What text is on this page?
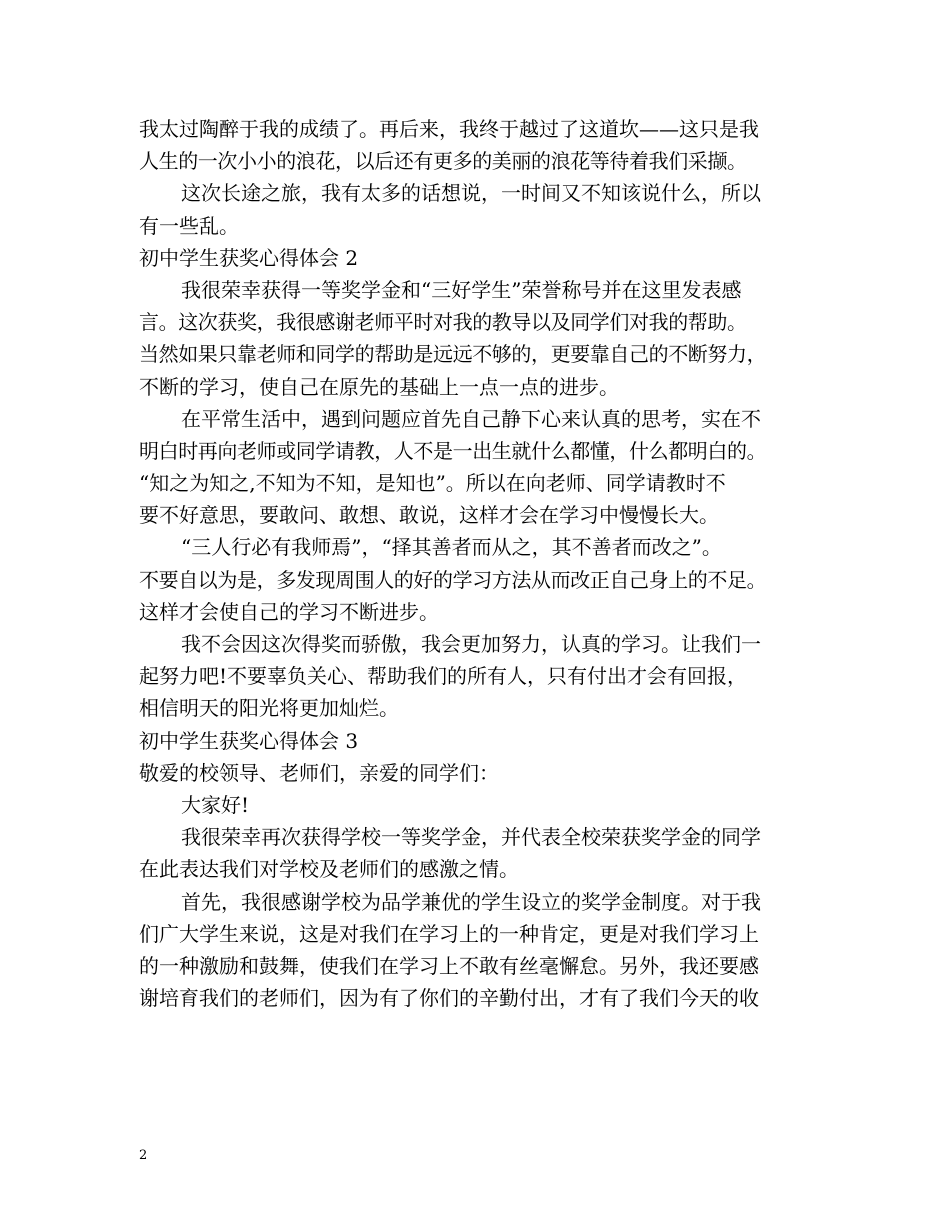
我太过陶醉于我的成绩了。再后来，我终于越过了这道坎——这只是我
人生的一次小小的浪花，以后还有更多的美丽的浪花等待着我们采撷。
这次长途之旅，我有太多的话想说，一时间又不知该说什么，所以
有一些乱。
初中学生获奖心得体会 2
我很荣幸获得一等奖学金和“三好学生”荣誉称号并在这里发表感
言。这次获奖，我很感谢老师平时对我的教导以及同学们对我的帮助。
当然如果只靠老师和同学的帮助是远远不够的，更要靠自己的不断努力，
不断的学习，使自己在原先的基础上一点一点的进步。
在平常生活中，遇到问题应首先自己静下心来认真的思考，实在不
明白时再向老师或同学请教，人不是一出生就什么都懂，什么都明白的。
“知之为知之,不知为不知，是知也”。所以在向老师、同学请教时不
要不好意思，要敢问、敢想、敢说，这样才会在学习中慢慢长大。
“三人行必有我师焉”，“择其善者而从之，其不善者而改之”。
不要自以为是，多发现周围人的好的学习方法从而改正自己身上的不足。
这样才会使自己的学习不断进步。
我不会因这次得奖而骄傲，我会更加努力，认真的学习。让我们一
起努力吧!不要辜负关心、帮助我们的所有人，只有付出才会有回报，
相信明天的阳光将更加灿烂。
初中学生获奖心得体会 3
敬爱的校领导、老师们，亲爱的同学们：
大家好!
我很荣幸再次获得学校一等奖学金，并代表全校荣获奖学金的同学
在此表达我们对学校及老师们的感激之情。
首先，我很感谢学校为品学兼优的学生设立的奖学金制度。对于我
们广大学生来说，这是对我们在学习上的一种肯定，更是对我们学习上
的一种激励和鼓舞，使我们在学习上不敢有丝毫懈怠。另外，我还要感
谢培育我们的老师们，因为有了你们的辛勤付出，才有了我们今天的收
2
